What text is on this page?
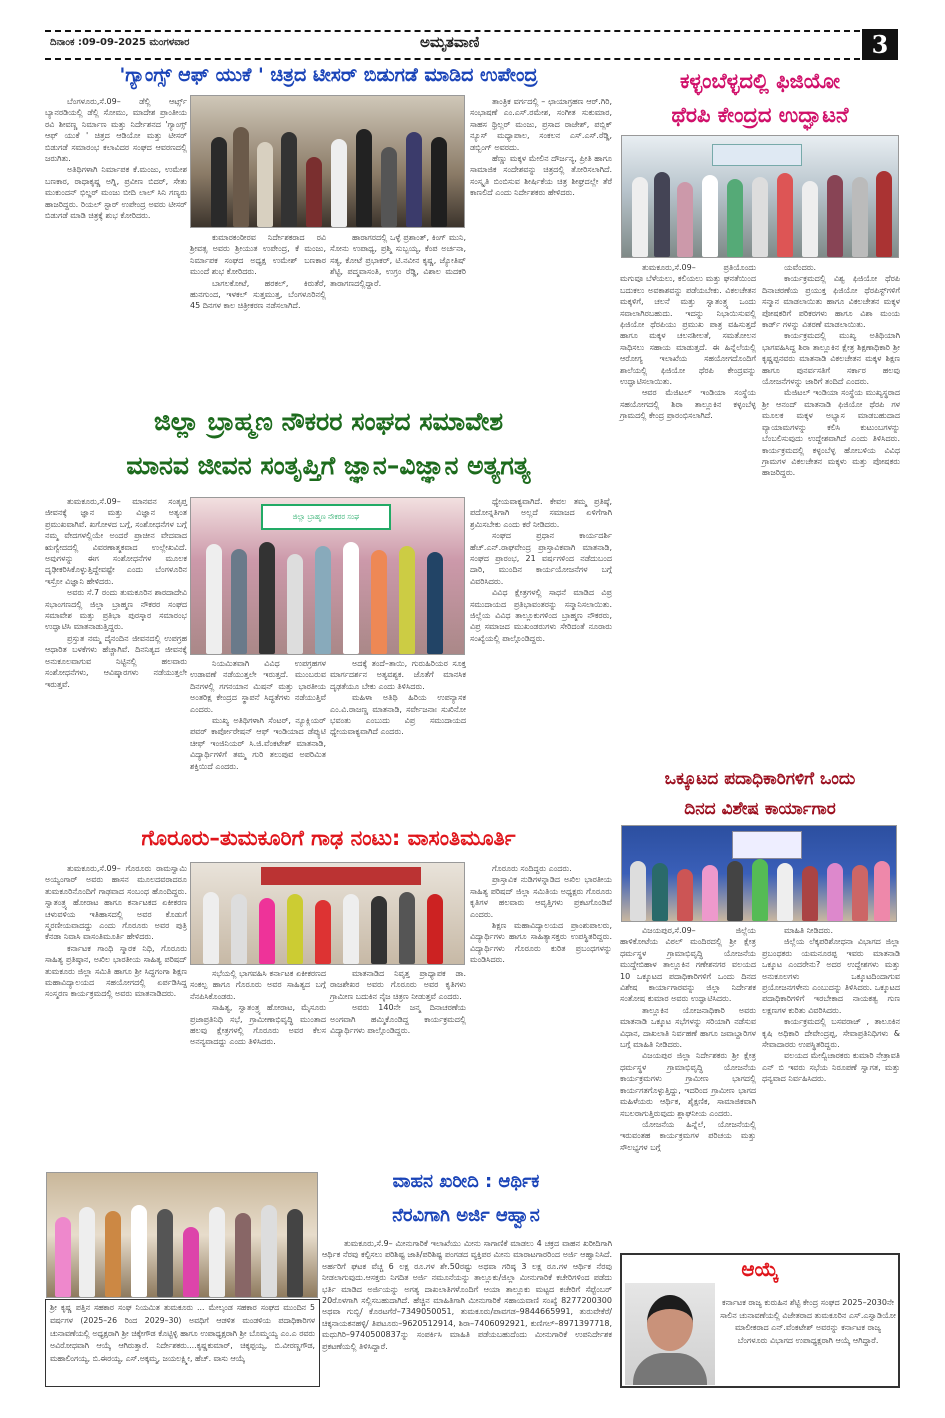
ದಿನಾಂಕ :09-09-2025 ಮಂಗಳವಾರ	ಅಮೃತವಾಣಿ	3
'ಗ್ಯಾಂಗ್ಸ್ ಆಫ್ ಯುಕೆ ' ಚಿತ್ರದ ಟೀಸರ್ ಬಿಡುಗಡೆ ಮಾಡಿದ ಉಪೇಂದ್ರ

ಬೆಂಗಳೂರು,ಸೆ.09– ಡೆಲ್ಲಿ ಆರ್ಟ್ಸ್ ಬ್ಯಾನರಡಿಯಲ್ಲಿ ಡೆಲ್ಲಿ ಸೋಮು, ಮಾದೇಶ ಪ್ರಾಂತೀಯ ರವಿ ಶೀವಣ್ಣ ನಿರ್ಮಾಣ ಮತ್ತು ನಿರ್ದೇಶನದ 'ಗ್ಯಾಂಗ್ಸ್ ಆಫ್ ಯುಕೆ ' ಚಿತ್ರದ ಆಡಿಯೋ ಮತ್ತು ಟೀಸರ್ ಬಿಡುಗಡೆ ಸಮಾರಂಭ ಕಲಾವಿದರ ಸಂಘದ ಆವರಣದಲ್ಲಿ ಜರುಗಿತು.

ಅತಿಥಿಗಳಾಗಿ ನಿರ್ಮಾಪಕ ಕೆ.ಮಂಜು, ಉಮೇಶ ಬಣಕಾರ, ರಾಧಾಕೃಷ್ಣ ಅಗ್ನಿ, ಪ್ರವೀಣ ಬಿದರ್, ಸೇತು ಮುಕುಂದನ್ ಭಿಲ್ಡರ್ ಮಂಜು ಬೀದಿ ಲಾಲ್ ಸಿನಿ ಗಣ್ಯರು ಹಾಜರಿದ್ದರು. ರಿಯಲ್ ಸ್ಟಾರ್ ಉಪೇಂದ್ರ ಅವರು ಟೀಸರ್ ಬಿಡುಗಡೆ ಮಾಡಿ ಚಿತ್ರಕ್ಕೆ ಶುಭ ಕೋರಿದರು.

ಕುಮಾರಕಂಠೀರವ ನಿರ್ದೇಶಕರಾದ ರವಿ ಶ್ರೀವತ್ಸ ಅವರು ಶ್ರೀಯುತ ಉಪೇಂದ್ರ, ಕೆ ಮಂಜು, ನಿರ್ಮಾಪಕ ಸಂಘದ ಅಧ್ಯಕ್ಷ ಉಮೇಶ್ ಬಣಕಾರ ಮುಂದೆ ಶುಭ ಕೋರಿದರು.

ಬಾಗಲಕೋಟೆ, ಹರಕಲ್, ಕಿರುತೆರೆ, ಹುನಗುಂದ, ಇಳಕಲ್ ಸುತ್ತಮುತ್ತ, ಬೆಂಗಳೂರಿನಲ್ಲಿ 45 ದಿನಗಳ ಕಾಲ ಚಿತ್ರೀಕರಣ ನಡೆಸಲಾಗಿದೆ.

ಹಾರಾಗರದಲ್ಲಿ ಒಳ್ಳೆ ಪ್ರಶಾಂತ್, ಕಿಂಗ್ ಮುನಿ, ಸೋನು ಉಪಾಧ್ಯ, ಪ್ರಶ್ಮಿ ಸುಬ್ಬಯ್ಯ, ಕೆಂಪ ಅರ್ಚನಾ, ಸತ್ಯ, ಕೋಟೆ ಪ್ರಭಾಕರ್, ಟಿ.ನವೀನ ಕೃಷ್ಣ, ಜ್ಯೋತಿಷ್ ಶೆಟ್ಟಿ, ಪದ್ಮವಾಸಂತಿ, ಉಗ್ರಂ ರೆಡ್ಡಿ, ವಿಶಾಲ ಮದಕರಿ ತಾರಾಗಣದಲ್ಲಿದ್ದಾರೆ.

ತಾಂತ್ರಿಕ ವರ್ಗದಲ್ಲಿ – ಛಾಯಾಗ್ರಹಣ ಆರ್.ಗಿರಿ, ಸಂಭಾಷಣೆ ಎಂ.ಎಸ್.ರಮೇಶ, ಸಂಗೀತ ಸುಕುಮಾರ, ಸಾಹಸ ಥ್ರಿಲ್ಲರ್ ಮಂಜು, ಪ್ರಸಾದ ರಾಜೇಶ್, ಪಬ್ಲಿಕ್ ನ್ಯೂಸ್ ಮಧ್ಯಾಪಾಲ, ಸಂಕಲನ ಎಸ್.ಎಸ್.ರೆಡ್ಡಿ, ಡಬ್ಬಿಂಗ್ ಅವರದು.

ಹೆಣ್ಣು ಮಕ್ಕಳ ಮೇಲಿನ ದೌರ್ಜನ್ಯ, ಪ್ರೀತಿ ಹಾಗೂ ಸಾಮಾಜಿಕ ಸಂದೇಶವನ್ನು ಚಿತ್ರದಲ್ಲಿ ತೋರಿಸಲಾಗಿದೆ. ಸಂಸ್ಕೃತಿ ಬಿಂಬಿಸುವ ಶೀರ್ಷಿಕೆಯ ಚಿತ್ರ ಶೀಘ್ರದಲ್ಲೇ ತೆರೆ ಕಾಣಲಿದೆ ಎಂದು ನಿರ್ದೇಶಕರು ಹೇಳಿದರು.

ಕಳ್ಳಂಬೆಳ್ಳದಲ್ಲಿ ಫಿಜಿಯೋ
ಥೆರಪಿ ಕೇಂದ್ರದ ಉದ್ಘಾಟನೆ

ತುಮಕೂರು,ಸೆ.09– ಪ್ರತಿಯೊಂದು ಮಗುವೂ ಬೆಳೆಯಲು, ಕಲಿಯಲು ಮತ್ತು ಘನತೆಯಿಂದ ಬದುಕಲು ಅವಕಾಶವನ್ನು ಪಡೆಯಬೇಕು. ವಿಕಲಚೇತನ ಮಕ್ಕಳಿಗೆ, ಚಲನೆ ಮತ್ತು ಸ್ವಾತಂತ್ರ್ಯ ಒಂದು ಸವಾಲಾಗಿರಬಹುದು. ಇದನ್ನು ನಿಭಾಯಿಸುವಲ್ಲಿ ಫಿಜಿಯೋ ಥೆರಪಿಯು ಪ್ರಮುಖ ಪಾತ್ರ ವಹಿಸುತ್ತದೆ ಹಾಗೂ ಮಕ್ಕಳ ಚಲನಶೀಲತೆ, ಸಮತೋಲನ ಸಾಧಿಸಲು ಸಹಾಯ ಮಾಡುತ್ತದೆ. ಈ ಹಿನ್ನೆಲೆಯಲ್ಲಿ ಆರೋಗ್ಯ ಇಲಾಖೆಯ ಸಹಯೋಗದೊಂದಿಗೆ ಶಾಲೆಯಲ್ಲಿ ಫಿಜಿಯೋ ಥೆರಪಿ ಕೇಂದ್ರವನ್ನು ಉದ್ಘಾಟಿಸಲಾಯಿತು.

ಆವರ ಮೆಜಿಟಲ್ ಇಂಡಿಯಾ ಸಂಸ್ಥೆಯ ಸಹಯೋಗದಲ್ಲಿ ಶಿರಾ ತಾಲ್ಲೂಕಿನ ಕಳ್ಳಂಬೆಳ್ಳ ಗ್ರಾಮದಲ್ಲಿ ಕೇಂದ್ರ ಪ್ರಾರಂಭಿಸಲಾಗಿದೆ.

ಯವೆಂದರು.

ಕಾರ್ಯಕ್ರಮದಲ್ಲಿ ವಿಶ್ವ ಫಿಜಿಯೋ ಥೆರಪಿ ದಿನಾಚರಣೆಯ ಪ್ರಯುಕ್ತ ಫಿಜಿಯೋ ಥೆರಪಿಸ್ಟ್‌ಗಳಿಗೆ ಸನ್ಮಾನ ಮಾಡಲಾಯಿತು ಹಾಗೂ ವಿಕಲಚೇತನ ಮಕ್ಕಳ ಪೋಷಕರಿಗೆ ಪರಿಕರಗಳು ಹಾಗೂ ವಿಶಾ ಮಂಯ ಕಾರ್ಡ್ ಗಳನ್ನು ವಿತರಣೆ ಮಾಡಲಾಯಿತು.

ಕಾರ್ಯಕ್ರಮದಲ್ಲಿ ಮುಖ್ಯ ಅತಿಥಿಯಾಗಿ ಭಾಗವಹಿಸಿದ್ದ ಶಿರಾ ತಾಲ್ಲೂಕಿನ ಕ್ಷೇತ್ರ ಶಿಕ್ಷಣಾಧಿಕಾರಿ ಶ್ರೀ ಕೃಷ್ಣಪ್ಪನವರು ಮಾತನಾಡಿ ವಿಕಲಚೇತನ ಮಕ್ಕಳ ಶಿಕ್ಷಣ ಹಾಗೂ ಪುನರ್ವಸತಿಗೆ ಸರ್ಕಾರ ಹಲವು ಯೋಜನೆಗಳನ್ನು ಜಾರಿಗೆ ತಂದಿದೆ ಎಂದರು.

ಮೆಜಿಟಲ್ ಇಂಡಿಯಾ ಸಂಸ್ಥೆಯ ಮುಖ್ಯಸ್ಥರಾದ ಶ್ರೀ ಆನಂದ್ ಮಾತನಾಡಿ ಫಿಜಿಯೋ ಥೆರಪಿ ಗಳ ಮೂಲಕ ಮಕ್ಕಳ ಅಭ್ಯಾಸ ಮಾಡಬಹುದಾದ ವ್ಯಾಯಾಮಗಳನ್ನು ಕಲಿಸಿ ಕುಟುಂಬಗಳನ್ನು ಬೆಂಬಲಿಸುವುದು ಉದ್ದೇಶವಾಗಿದೆ ಎಂದು ತಿಳಿಸಿದರು. ಕಾರ್ಯಕ್ರಮದಲ್ಲಿ ಕಳ್ಳಂಬೆಳ್ಳ ಹೋಬಳಿಯ ವಿವಿಧ ಗ್ರಾಮಗಳ ವಿಕಲಚೇತನ ಮಕ್ಕಳು ಮತ್ತು ಪೋಷಕರು ಹಾಜರಿದ್ದರು.

ಜಿಲ್ಲಾ ಬ್ರಾಹ್ಮಣ ನೌಕರರ ಸಂಘದ ಸಮಾವೇಶ
ಮಾನವ ಜೀವನ ಸಂತೃಪ್ತಿಗೆ ಜ್ಞಾನ–ವಿಜ್ಞಾನ ಅತ್ಯಗತ್ಯ

ತುಮಕೂರು,ಸೆ.09– ಮಾನವನ ಸಂತೃಪ್ತ ಜೀವನಕ್ಕೆ ಜ್ಞಾನ ಮತ್ತು ವಿಜ್ಞಾನ ಅತ್ಯಂತ ಪ್ರಮುಖವಾಗಿವೆ. ಖಗೋಳದ ಬಗ್ಗೆ, ಸಂಶೋಧನೆಗಳ ಬಗ್ಗೆ ನಮ್ಮ ವೇದಗಳಲ್ಲಿಯೇ ಅಂದರೆ ಪ್ರಾಚೀನ ವೇದವಾದ ಋಗ್ವೇದದಲ್ಲಿ ವಿವರಣಾತ್ಮಕವಾದ ಉಲ್ಲೇಖವಿದೆ. ಅವುಗಳನ್ನು ಈಗ ಸಂಶೋಧನೆಗಳ ಮೂಲಕ ದೃಢೀಕರಿಸಿಕೊಳ್ಳುತ್ತಿದ್ದೇವಷ್ಟೇ ಎಂದು ಬೆಂಗಳೂರಿನ ಇಸ್ರೋ ವಿಜ್ಞಾನಿ ಹೇಳಿದರು.

ಅವರು ಸೆ.7 ರಂದು ತುಮಕೂರಿನ ಶಾರದಾದೇವಿ ಸಭಾಂಗಣದಲ್ಲಿ ಜಿಲ್ಲಾ ಬ್ರಾಹ್ಮಣ ನೌಕರರ ಸಂಘದ ಸಮಾವೇಶ ಮತ್ತು ಪ್ರತಿಭಾ ಪುರಸ್ಕಾರ ಸಮಾರಂಭ ಉದ್ಘಾಟಿಸಿ ಮಾತನಾಡುತ್ತಿದ್ದರು.

ಪ್ರಸ್ತುತ ನಮ್ಮ ದೈನಂದಿನ ಜೀವನದಲ್ಲಿ ಉಪಗ್ರಹ ಆಧಾರಿತ ಬಳಕೆಗಳು ಹೆಚ್ಚಾಗಿವೆ. ದಿನನಿತ್ಯದ ಜೀವನಕ್ಕೆ ಅನುಕೂಲವಾಗುವ ನಿಟ್ಟಿನಲ್ಲಿ ಹಲವಾರು ಸಂಶೋಧನೆಗಳು, ಆವಿಷ್ಕಾರಗಳು ನಡೆಯುತ್ತಲೇ ಇರುತ್ತವೆ.

ಜಿಲ್ಲಾ ಬ್ರಾಹ್ಮಣ ನೌಕರರ ಸಂಘ

ನಿಯಮಿತವಾಗಿ ವಿವಿಧ ಉಪಗ್ರಹಗಳ ಉಡಾವಣೆ ನಡೆಯುತ್ತಲೇ ಇರುತ್ತದೆ. ಮುಂಬರುವ ದಿನಗಳಲ್ಲಿ ಗಗನಯಾನ ಮಿಷನ್ ಮತ್ತು ಭಾರತೀಯ ಅಂತರಿಕ್ಷ ಕೇಂದ್ರದ ಸ್ಥಾಪನೆ ಸಿದ್ಧತೆಗಳು ನಡೆಯುತ್ತಿವೆ ಎಂದರು.

ಮುಖ್ಯ ಅತಿಥಿಗಳಾಗಿ ಸೆಂಟರ್, ನ್ಯೂಕ್ಲಿಯರ್ ಪವರ್ ಕಾರ್ಪೋರೇಷನ್ ಆಫ್ ಇಂಡಿಯಾದ ಡೆಪ್ಯುಟಿ ಚೀಫ್ ಇಂಜಿನಿಯರ್ ಸಿ.ಜಿ.ವೆಂಕಟೇಶ್ ಮಾತನಾಡಿ, ವಿದ್ಯಾರ್ಥಿಗಳಿಗೆ ತಮ್ಮ ಗುರಿ ತಲುಪುವ ಅಪರಿಮಿತ ಶಕ್ತಿಯಿದೆ ಎಂದರು.

ಅದಕ್ಕೆ ತಂದೆ–ತಾಯಿ, ಗುರುಹಿರಿಯರ ಸೂಕ್ತ ಮಾರ್ಗದರ್ಶನ ಅತ್ಯವಶ್ಯಕ. ಜೊತೆಗೆ ಮಾನಸಿಕ ದೃಢತೆಯೂ ಬೇಕು ಎಂದು ತಿಳಿಸಿದರು.

ಮಹಿಳಾ ಅತಿಥಿ ಹಿರಿಯ ಉಪನ್ಯಾಸಕ ಎಂ.ವಿ.ರಾಜಣ್ಣ ಮಾತನಾಡಿ, ಸರ್ವೇಜನಾಃ ಸುಖಿನೋ ಭವಂತು ಎಂಬುದು ವಿಪ್ರ ಸಮುದಾಯದ ಧ್ಯೇಯವಾಕ್ಯವಾಗಿದೆ ಎಂದರು.

ಧ್ಯೇಯವಾಕ್ಯವಾಗಿದೆ. ಕೇವಲ ತಮ್ಮ ಪ್ರತಿಷ್ಠೆ, ಪದೋನ್ನತಿಗಾಗಿ ಅಲ್ಲದೆ ಸಮಾಜದ ಏಳಿಗೆಗಾಗಿ ಶ್ರಮಿಸಬೇಕು ಎಂದು ಕರೆ ನೀಡಿದರು.

ಸಂಘದ ಪ್ರಧಾನ ಕಾರ್ಯದರ್ಶಿ ಹೆಚ್.ಎನ್.ರಾಘವೇಂದ್ರ ಪ್ರಾಸ್ತಾವಿಕವಾಗಿ ಮಾತನಾಡಿ, ಸಂಘದ ಪ್ರಾರಂಭ, 21 ವರ್ಷಗಳಿಂದ ನಡೆದುಬಂದ ದಾರಿ, ಮುಂದಿನ ಕಾರ್ಯಯೋಜನೆಗಳ ಬಗ್ಗೆ ವಿವರಿಸಿದರು.

ವಿವಿಧ ಕ್ಷೇತ್ರಗಳಲ್ಲಿ ಸಾಧನೆ ಮಾಡಿದ ವಿಪ್ರ ಸಮುದಾಯದ ಪ್ರತಿಭಾವಂತರನ್ನು ಸನ್ಮಾನಿಸಲಾಯಿತು. ಜಿಲ್ಲೆಯ ವಿವಿಧ ತಾಲ್ಲೂಕುಗಳಿಂದ ಬ್ರಾಹ್ಮಣ ನೌಕರರು, ವಿಪ್ರ ಸಮಾಜದ ಮುಖಂಡರುಗಳು ಸೇರಿದಂತೆ ನೂರಾರು ಸಂಖ್ಯೆಯಲ್ಲಿ ಪಾಲ್ಗೊಂಡಿದ್ದರು.

ಒಕ್ಕೂಟದ ಪದಾಧಿಕಾರಿಗಳಿಗೆ ಒಂದು
ದಿನದ ವಿಶೇಷ ಕಾರ್ಯಾಗಾರ

ವಿಜಯಪುರ,ಸೆ.09– ಜಿಲ್ಲೆಯ ಹಾಳಿಕೋಟೆಯ ವಿಠಲ್ ಮಂದಿರದಲ್ಲಿ ಶ್ರೀ ಕ್ಷೇತ್ರ ಧರ್ಮಸ್ಥಳ ಗ್ರಾಮಾಭಿವೃದ್ಧಿ ಯೋಜನೆಯ ಮುದ್ದೇಬಿಹಾಳ ತಾಲ್ಲೂಕಿನ ಗಣೇಶನಗರ ವಲಯದ 10 ಒಕ್ಕೂಟದ ಪದಾಧಿಕಾರಿಗಳಿಗೆ ಒಂದು ದಿನದ ವಿಶೇಷ ಕಾರ್ಯಾಗಾರವನ್ನು ಜಿಲ್ಲಾ ನಿರ್ದೇಶಕ ಸಂತೋಷ ಕುಮಾರ ಅವರು ಉದ್ಘಾಟಿಸಿದರು.

ತಾಲ್ಲೂಕಿನ ಯೋಜನಾಧಿಕಾರಿ ಅವರು ಮಾತನಾಡಿ ಒಕ್ಕೂಟ ಸಭೆಗಳನ್ನು ಸರಿಯಾಗಿ ನಡೆಸುವ ವಿಧಾನ, ದಾಖಲಾತಿ ನಿರ್ವಹಣೆ ಹಾಗೂ ಜವಾಬ್ದಾರಿಗಳ ಬಗ್ಗೆ ಮಾಹಿತಿ ನೀಡಿದರು.

ವಿಜಯಪುರ ಜಿಲ್ಲಾ ನಿರ್ದೇಶಕರು ಶ್ರೀ ಕ್ಷೇತ್ರ ಧರ್ಮಸ್ಥಳ ಗ್ರಾಮಾಭಿವೃದ್ಧಿ ಯೋಜನೆಯ ಕಾರ್ಯಕ್ರಮಗಳು ಗ್ರಾಮೀಣ ಭಾಗದಲ್ಲಿ ಕಾರ್ಯಗತಗೊಳ್ಳುತ್ತಿದ್ದು, ಇದರಿಂದ ಗ್ರಾಮೀಣ ಭಾಗದ ಮಹಿಳೆಯರು ಆರ್ಥಿಕ, ಶೈಕ್ಷಣಿಕ, ಸಾಮಾಜಿಕವಾಗಿ ಸಬಲರಾಗುತ್ತಿರುವುದು ಶ್ಲಾಘನೀಯ ಎಂದರು.

ಯೋಜನೆಯ ಹಿನ್ನೆಲೆ, ಯೋಜನೆಯಲ್ಲಿ ಇರುವಂತಹ ಕಾರ್ಯಕ್ರಮಗಳ ಪರಿಚಯ ಮತ್ತು ಸೌಲಭ್ಯಗಳ ಬಗ್ಗೆ

ಮಾಹಿತಿ ನೀಡಿದರು.

ಜಿಲ್ಲೆಯ ಲೆಕ್ಕಪರಿಶೋಧನಾ ವಿಭಾಗದ ಜಿಲ್ಲಾ ಪ್ರಬಂಧಕರು ಯಮನೂರಪ್ಪ ಇವರು ಮಾತನಾಡಿ ಒಕ್ಕೂಟ ಎಂದರೇನು? ಅದರ ಉದ್ದೇಶಗಳು ಮತ್ತು ಅನುಕೂಲಗಳು ಒಕ್ಕೂಟದಿಂದಾಗುವ ಪ್ರಯೋಜನಗಳೇನು ಎಂಬುದನ್ನು ತಿಳಿಸಿದರು. ಒಕ್ಕೂಟದ ಪದಾಧಿಕಾರಿಗಳಿಗೆ ಇರಬೇಕಾದ ನಾಯಕತ್ವ ಗುಣ ಲಕ್ಷಣಗಳ ಕುರಿತು ವಿವರಿಸಿದರು.

ಕಾರ್ಯಕ್ರಮದಲ್ಲಿ ಬಸವರಾಜ್ , ತಾಲೂಕಿನ ಕೃಷಿ ಅಧಿಕಾರಿ ದೇವೇಂದ್ರಪ್ಪ, ಸೇವಾಪ್ರತಿನಿಧಿಗಳು & ಸೇವಾದಾರರು ಉಪಸ್ಥಿತರಿದ್ದರು.

ವಲಯದ ಮೇಲ್ವಿಚಾರಕರು ಕುಮಾರಿ ನೇತ್ರಾವತಿ ಎನ್ ಬಿ ಇವರು ಸಭೆಯ ನಿರೂಪಣೆ ಸ್ವಾಗತ, ಮತ್ತು ಧನ್ಯವಾದ ನಿರ್ವಹಿಸಿದರು.

ಗೊರೂರು–ತುಮಕೂರಿಗೆ ಗಾಢ ನಂಟು: ವಾಸಂತಿಮೂರ್ತಿ

ತುಮಕೂರು,ಸೆ.09– ಗೊರೂರು ರಾಮಸ್ವಾಮಿ ಅಯ್ಯಂಗಾರ್ ಅವರು ಹಾಸನ ಮೂಲದವರಾದರೂ ತುಮಕೂರಿನೊಂದಿಗೆ ಗಾಢವಾದ ಸಂಬಂಧ ಹೊಂದಿದ್ದರು. ಸ್ವಾತಂತ್ರ್ಯ ಹೋರಾಟ ಹಾಗೂ ಕರ್ನಾಟಕದ ಏಕೀಕರಣ ಚಳುವಳಿಯ ಇತಿಹಾಸದಲ್ಲಿ ಅವರ ಕೊಡುಗೆ ಸ್ಮರಣೀಯವಾದದ್ದು ಎಂದು ಗೊರೂರು ಅವರ ಪುತ್ರಿ ಕೆನಡಾ ನಿವಾಸಿ ವಾಸಂತಿಮೂರ್ತಿ ಹೇಳಿದರು.

ಕರ್ನಾಟಕ ಗಾಂಧಿ ಸ್ಮಾರಕ ನಿಧಿ, ಗೊರೂರು ಸಾಹಿತ್ಯ ಪ್ರತಿಷ್ಠಾನ, ಅಖಿಲ ಭಾರತೀಯ ಸಾಹಿತ್ಯ ಪರಿಷದ್ ತುಮಕೂರು ಜಿಲ್ಲಾ ಸಮಿತಿ ಹಾಗೂ ಶ್ರೀ ಸಿದ್ಧಗಂಗಾ ಶಿಕ್ಷಣ ಮಹಾವಿದ್ಯಾಲಯದ ಸಹಯೋಗದಲ್ಲಿ ಏರ್ಪಡಿಸಿದ್ದ ಸಂಸ್ಮರಣ ಕಾರ್ಯಕ್ರಮದಲ್ಲಿ ಅವರು ಮಾತನಾಡಿದರು.

ಸಭೆಯಲ್ಲಿ ಭಾಗವಹಿಸಿ ಕರ್ನಾಟಕ ಏಕೀಕರಣದ ಸಂಕಲ್ಪ ಹಾಗೂ ಗೊರೂರು ಅವರ ಸಾಹಿತ್ಯದ ಬಗ್ಗೆ ನೆನಪಿಸಿಕೊಂಡರು.

ಸಾಹಿತ್ಯ, ಸ್ವಾತಂತ್ರ್ಯ ಹೋರಾಟ, ಮೈಸೂರು ಪ್ರಜಾಪ್ರತಿನಿಧಿ ಸಭೆ, ಗ್ರಾಮೀಣಾಭಿವೃದ್ಧಿ ಮುಂತಾದ ಹಲವು ಕ್ಷೇತ್ರಗಳಲ್ಲಿ ಗೊರೂರು ಅವರ ಕೆಲಸ ಅನನ್ಯವಾದದ್ದು ಎಂದು ತಿಳಿಸಿದರು.

ಮಾತನಾಡಿದ ನಿವೃತ್ತ ಪ್ರಾಧ್ಯಾಪಕ ಡಾ. ರಾಜಶೇಖರ ಅವರು ಗೊರೂರು ಅವರ ಕೃತಿಗಳು ಗ್ರಾಮೀಣ ಬದುಕಿನ ನೈಜ ಚಿತ್ರಣ ನೀಡುತ್ತವೆ ಎಂದರು.

ಅವರು 140ನೇ ಜನ್ಮ ದಿನಾಚರಣೆಯ ಅಂಗವಾಗಿ ಹಮ್ಮಿಕೊಂಡಿದ್ದ ಕಾರ್ಯಕ್ರಮದಲ್ಲಿ ವಿದ್ಯಾರ್ಥಿಗಳು ಪಾಲ್ಗೊಂಡಿದ್ದರು.

ಗೊರೂರು ಸಂದಿದ್ದರು ಎಂದರು.

ಪ್ರಾಸ್ತಾವಿಕ ನುಡಿಗಳನ್ನಾಡಿದ ಅಖಿಲ ಭಾರತೀಯ ಸಾಹಿತ್ಯ ಪರಿಷದ್ ಜಿಲ್ಲಾ ಸಮಿತಿಯ ಅಧ್ಯಕ್ಷರು ಗೊರೂರು ಕೃತಿಗಳ ಹಲವಾರು ಆವೃತ್ತಿಗಳು ಪ್ರಕಟಗೊಂಡಿವೆ ಎಂದರು.

ಶಿಕ್ಷಣ ಮಹಾವಿದ್ಯಾಲಯದ ಪ್ರಾಂಶುಪಾಲರು, ವಿದ್ಯಾರ್ಥಿಗಳು ಹಾಗೂ ಸಾಹಿತ್ಯಾಸಕ್ತರು ಉಪಸ್ಥಿತರಿದ್ದರು. ವಿದ್ಯಾರ್ಥಿಗಳು ಗೊರೂರು ಕುರಿತ ಪ್ರಬಂಧಗಳನ್ನು ಮಂಡಿಸಿದರು.

ಶ್ರೀ ಕೃಷ್ಣ ಪತ್ತಿನ ಸಹಕಾರ ಸಂಘ ನಿಯಮಿತ ತುಮಕೂರು ... ಮೇಲ್ಕಂಡ ಸಹಕಾರ ಸಂಘದ ಮುಂದಿನ 5 ವರ್ಷಗಳ (2025–26 ರಿಂದ 2029–30) ಅವಧಿಗೆ ಆಡಳಿತ ಮಂಡಳಿಯ ಪದಾಧಿಕಾರಿಗಳ ಚುನಾವಣೆಯಲ್ಲಿ ಅಧ್ಯಕ್ಷರಾಗಿ ಶ್ರೀ ಚಿಕ್ಕೇಗೌಡ ಕೊಟ್ಟಿಳ್ಳಿ ಹಾಗೂ ಉಪಾಧ್ಯಕ್ಷರಾಗಿ ಶ್ರೀ ಬೊಮ್ಮಯ್ಯ ಎಂ.ಎ ರವರು ಅವಿರೋಧವಾಗಿ ಆಯ್ಕೆ ಆಗಿರುತ್ತಾರೆ. ನಿರ್ದೇಶಕರು....ಕೃಷ್ಣಕುಮಾರ್, ಚಿಕ್ಕಪ್ಪಯ್ಯ, ಬಿ.ವೀರಣ್ಣಗೌಡ, ಮಹಾಲಿಂಗಯ್ಯ, ಬಿ.ಈರಯ್ಯ, ಎಸ್.ಅಕ್ಕಮ್ಮ, ಜಯಲಕ್ಷ್ಮೀ, ಹೆಚ್. ವಾಸು ಆಯ್ಕೆ
ವಾಹನ ಖರೀದಿ : ಆರ್ಥಿಕ
ನೆರವಿಗಾಗಿ ಅರ್ಜಿ ಆಹ್ವಾನ

ತುಮಕೂರು,ಸೆ.9– ಮೀನುಗಾರಿಕೆ ಇಲಾಖೆಯು ಮೀನು ಸಾಗಾಣಿಕೆ ಮಾಡಲು 4 ಚಕ್ರದ ವಾಹನ ಖರೀದಿಗಾಗಿ ಆರ್ಥಿಕ ನೆರವು ಕಲ್ಪಿಸಲು ಪರಿಶಿಷ್ಟ ಜಾತಿ/ಪರಿಶಿಷ್ಟ ಪಂಗಡದ ವ್ಯಕ್ತಿಪರ ಮೀನು ಮಾರಾಟಗಾರರಿಂದ ಅರ್ಜಿ ಆಹ್ವಾನಿಸಿದೆ. ಅರ್ಹರಿಗೆ ಘಟಕ ವೆಚ್ಚ 6 ಲಕ್ಷ ರೂ.ಗಳ ಶೇ.50ರಷ್ಟು ಅಥವಾ ಗರಿಷ್ಠ 3 ಲಕ್ಷ ರೂ.ಗಳ ಆರ್ಥಿಕ ನೆರವು ನೀಡಲಾಗುವುದು.ಆಸಕ್ತರು ನಿಗದಿತ ಅರ್ಜಿ ನಮೂನೆಯನ್ನು ತಾಲ್ಲೂಕು/ಜಿಲ್ಲಾ ಮೀನುಗಾರಿಕೆ ಕಚೇರಿಗಳಿಂದ ಪಡೆದು ಭರ್ತಿ ಮಾಡಿದ ಅರ್ಜಿಯನ್ನು ಅಗತ್ಯ ದಾಖಲಾತಿಗಳೊಂದಿಗೆ ಆಯಾ ತಾಲ್ಲೂಕು ಮಟ್ಟದ ಕಚೇರಿಗೆ ಸೆಪ್ಟೆಂಬರ್ 20ರೊಳಗಾಗಿ ಸಲ್ಲಿಸಬಹುದಾಗಿದೆ. ಹೆಚ್ಚಿನ ಮಾಹಿತಿಗಾಗಿ ಮೀನುಗಾರಿಕೆ ಸಹಾಯವಾಣಿ ಸಂಖ್ಯೆ 8277200300 ಅಥವಾ ಗುಬ್ಬಿ/ ಕೊರಟಗೆರೆ–7349050051, ತುಮಕೂರು/ಪಾವಗಡ–9844665991, ತುರುವೇಕೆರೆ/ ಚಿಕ್ಕನಾಯಕನಹಳ್ಳಿ/ ತಿಪಟೂರು–9620512914, ಶಿರಾ–7406092921, ಕುಣಿಗಲ್–8971397718, ಮಧುಗಿರಿ–9740500837ನ್ನು ಸಂಪರ್ಕಿಸಿ ಮಾಹಿತಿ ಪಡೆಯಬಹುದೆಂದು ಮೀನುಗಾರಿಕೆ ಉಪನಿರ್ದೇಶಕ ಪ್ರಕಟಣೆಯಲ್ಲಿ ತಿಳಿಸಿದ್ದಾರೆ.

ಆಯ್ಕೆ
ಕರ್ನಾಟಕ ರಾಜ್ಯ ಕುರುಹಿನ ಶೆಟ್ಟಿ ಕೇಂದ್ರ ಸಂಘದ 2025–2030ನೇ ಸಾಲಿನ ಚುನಾವಣೆಯಲ್ಲಿ ವಿಜೇತರಾದ ತುಮಕೂರಿನ ಎಸ್.ಎಸ್ವಾಡಿಯೋ ಮಾಲೀಕರಾದ ಎನ್.ವೆಂಕಟೇಶ್ ಅವರನ್ನು ಕರ್ನಾಟಕ ರಾಜ್ಯ ಬೆಂಗಳೂರು ವಿಭಾಗದ ಉಪಾಧ್ಯಕ್ಷರಾಗಿ ಆಯ್ಕೆ ಆಗಿದ್ದಾರೆ.
